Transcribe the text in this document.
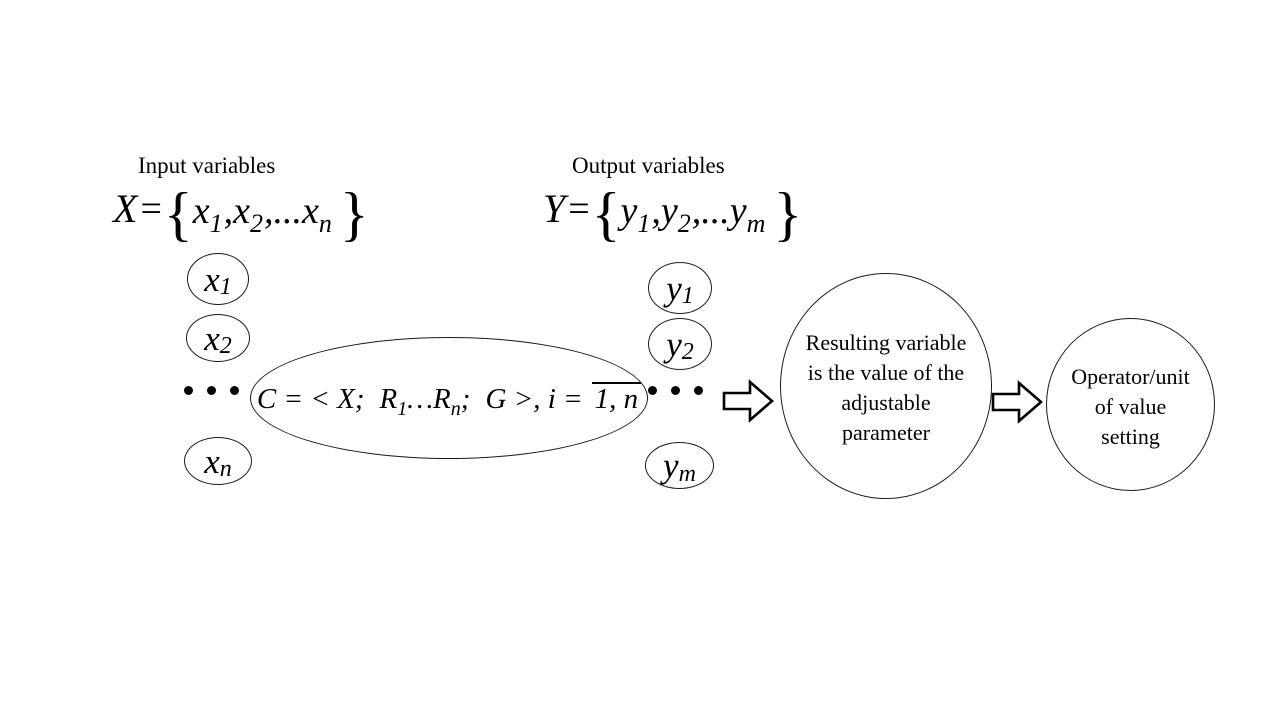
Input variables
X = { x 1 , x 2 ,... x n }
Output variables
Y = { y 1 , y 2 ,... y m }
x 1
x 2
x n
C = < X; R 1 … R n ; G >, i = 1, n
y 1
y 2
y m
Resulting variable
is the value of the
adjustable
parameter
Operator/unit
of value
setting
